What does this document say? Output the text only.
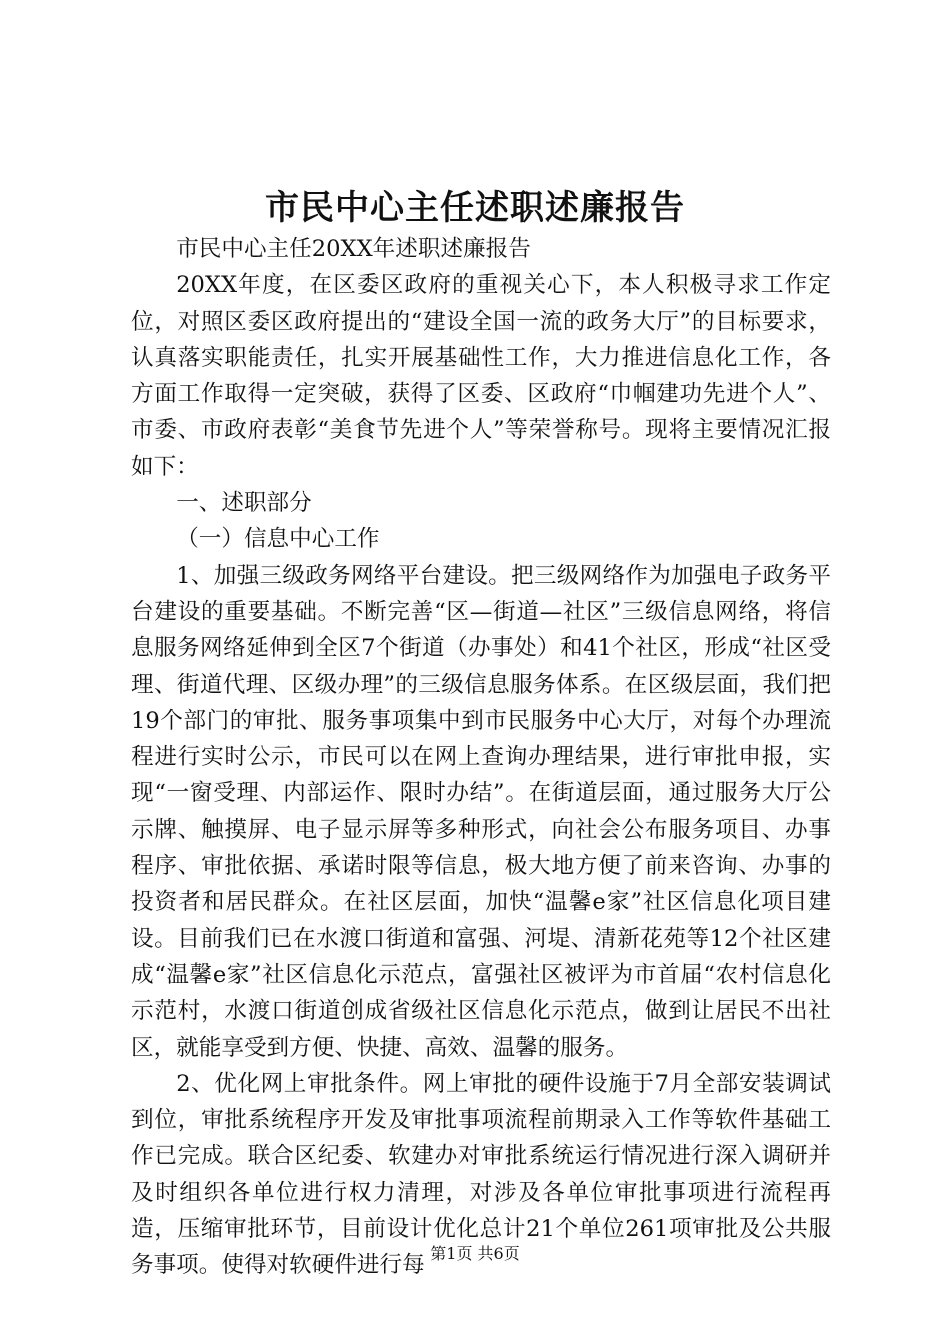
市民中心主任述职述廉报告

市民中心主任20XX年述职述廉报告

20XX年度，在区委区政府的重视关心下，本人积极寻求工作定位，对照区委区政府提出的“建设全国一流的政务大厅”的目标要求，认真落实职能责任，扎实开展基础性工作，大力推进信息化工作，各方面工作取得一定突破，获得了区委、区政府“巾帼建功先进个人”、市委、市政府表彰“美食节先进个人”等荣誉称号。现将主要情况汇报如下：

一、述职部分

（一）信息中心工作

1、加强三级政务网络平台建设。把三级网络作为加强电子政务平台建设的重要基础。不断完善“区—街道—社区”三级信息网络，将信息服务网络延伸到全区7个街道（办事处）和41个社区，形成“社区受理、街道代理、区级办理”的三级信息服务体系。在区级层面，我们把19个部门的审批、服务事项集中到市民服务中心大厅，对每个办理流程进行实时公示，市民可以在网上查询办理结果，进行审批申报，实现“一窗受理、内部运作、限时办结”。在街道层面，通过服务大厅公示牌、触摸屏、电子显示屏等多种形式，向社会公布服务项目、办事程序、审批依据、承诺时限等信息，极大地方便了前来咨询、办事的投资者和居民群众。在社区层面，加快“温馨e家”社区信息化项目建设。目前我们已在水渡口街道和富强、河堤、清新花苑等12个社区建成“温馨e家”社区信息化示范点，富强社区被评为市首届“农村信息化示范村，水渡口街道创成省级社区信息化示范点，做到让居民不出社区，就能享受到方便、快捷、高效、温馨的服务。

2、优化网上审批条件。网上审批的硬件设施于7月全部安装调试到位，审批系统程序开发及审批事项流程前期录入工作等软件基础工作已完成。联合区纪委、软建办对审批系统运行情况进行深入调研并及时组织各单位进行权力清理，对涉及各单位审批事项进行流程再造，压缩审批环节，目前设计优化总计21个单位261项审批及公共服务事项。使得对软硬件进行每 第1页 共6页
